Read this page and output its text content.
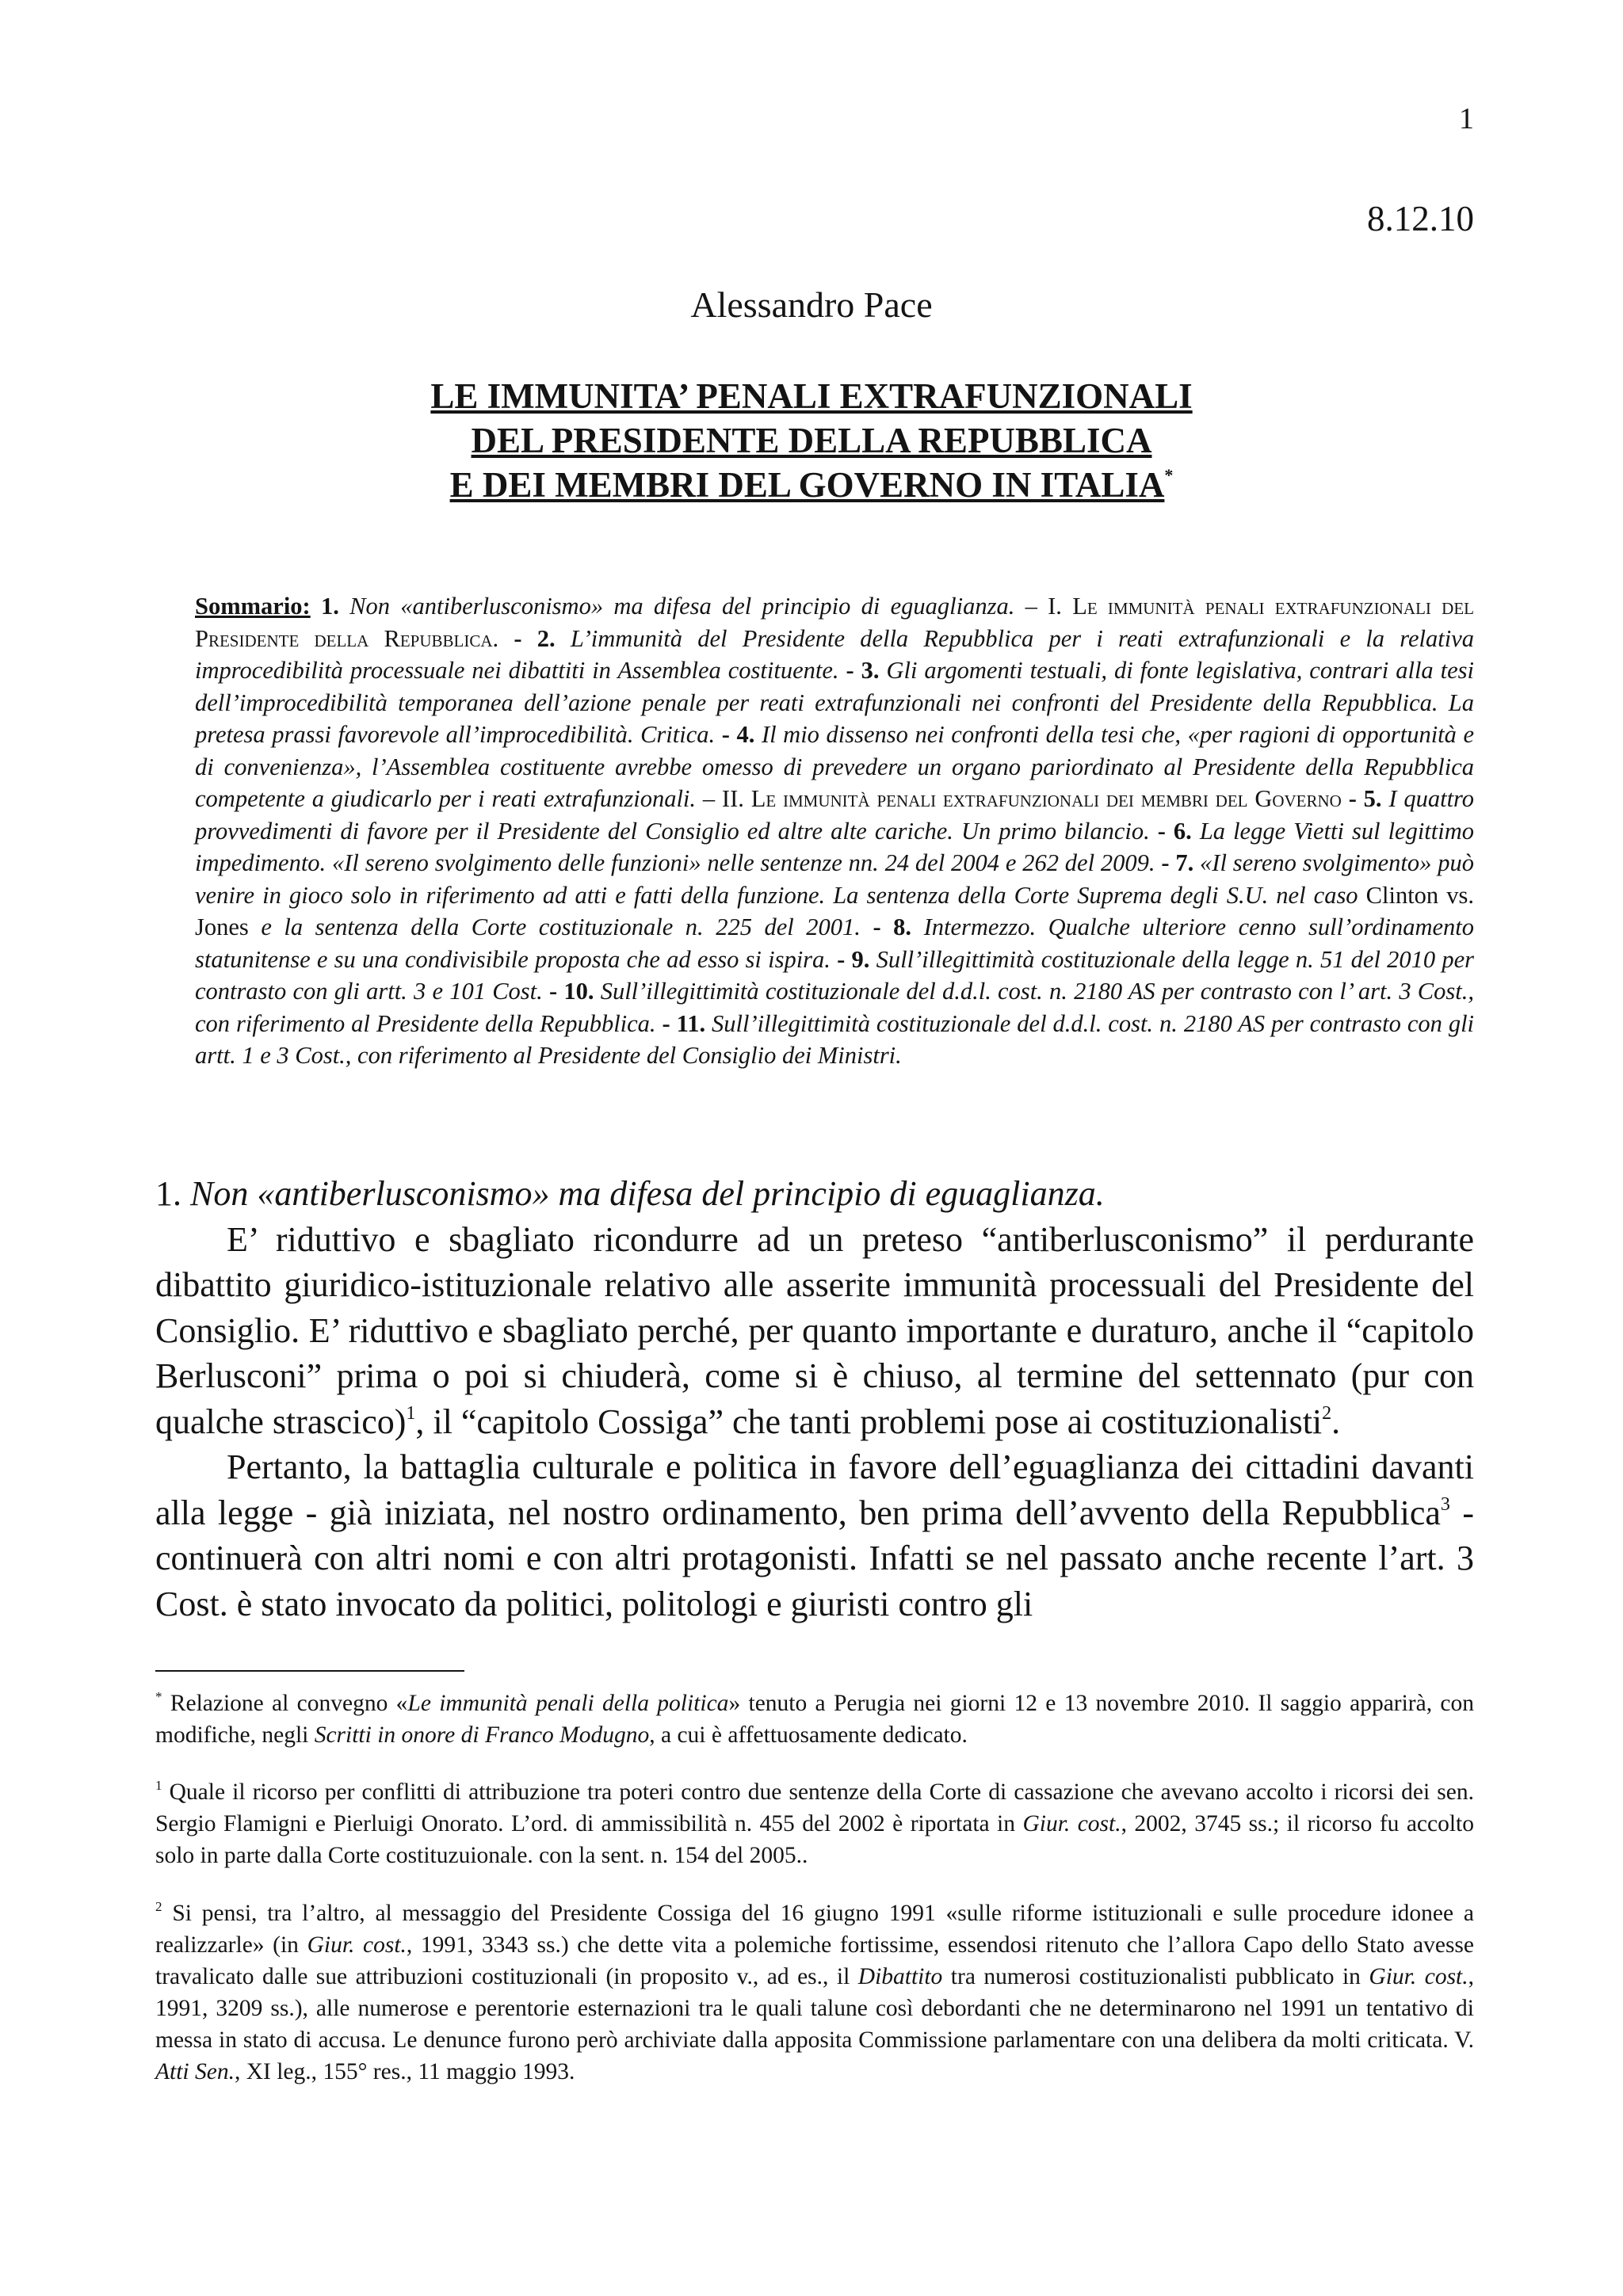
1
8.12.10
Alessandro Pace
LE IMMUNITA’ PENALI EXTRAFUNZIONALI
DEL PRESIDENTE DELLA REPUBBLICA
E DEI MEMBRI DEL GOVERNO IN ITALIA*
Sommario: 1. Non «antiberlusconismo» ma difesa del principio di eguaglianza. – I. Le immunità penali extrafunzionali del Presidente della Repubblica. - 2. L’immunità del Presidente della Repubblica per i reati extrafunzionali e la relativa improcedibilità processuale nei dibattiti in Assemblea costituente. - 3. Gli argomenti testuali, di fonte legislativa, contrari alla tesi dell’improcedibilità temporanea dell’azione penale per reati extrafunzionali nei confronti del Presidente della Repubblica. La pretesa prassi favorevole all’improcedibilità. Critica. - 4. Il mio dissenso nei confronti della tesi che, «per ragioni di opportunità e di convenienza», l’Assemblea costituente avrebbe omesso di prevedere un organo pariordinato al Presidente della Repubblica competente a giudicarlo per i reati extrafunzionali. – II. Le immunità penali extrafunzionali dei membri del Governo - 5. I quattro provvedimenti di favore per il Presidente del Consiglio ed altre alte cariche. Un primo bilancio. - 6. La legge Vietti sul legittimo impedimento. «Il sereno svolgimento delle funzioni» nelle sentenze nn. 24 del 2004 e 262 del 2009. - 7. «Il sereno svolgimento» può venire in gioco solo in riferimento ad atti e fatti della funzione. La sentenza della Corte Suprema degli S.U. nel caso Clinton vs. Jones e la sentenza della Corte costituzionale n. 225 del 2001. - 8. Intermezzo. Qualche ulteriore cenno sull’ordinamento statunitense e su una condivisibile proposta che ad esso si ispira. - 9. Sull’illegittimità costituzionale della legge n. 51 del 2010 per contrasto con gli artt. 3 e 101 Cost. - 10. Sull’illegittimità costituzionale del d.d.l. cost. n. 2180 AS per contrasto con l’ art. 3 Cost., con riferimento al Presidente della Repubblica. - 11. Sull’illegittimità costituzionale del d.d.l. cost. n. 2180 AS per contrasto con gli artt. 1 e 3 Cost., con riferimento al Presidente del Consiglio dei Ministri.

1. Non «antiberlusconismo» ma difesa del principio di eguaglianza.

E’ riduttivo e sbagliato ricondurre ad un preteso “antiberlusconismo” il perdurante dibattito giuridico-istituzionale relativo alle asserite immunità processuali del Presidente del Consiglio. E’ riduttivo e sbagliato perché, per quanto importante e duraturo, anche il “capitolo Berlusconi” prima o poi si chiuderà, come si è chiuso, al termine del settennato (pur con qualche strascico)$^1$, il “capitolo Cossiga” che tanti problemi pose ai costituzionalisti$^2$.

Pertanto, la battaglia culturale e politica in favore dell’eguaglianza dei cittadini davanti alla legge - già iniziata, nel nostro ordinamento, ben prima dell’avvento della Repubblica$^3$ - continuerà con altri nomi e con altri protagonisti. Infatti se nel passato anche recente l’art. 3 Cost. è stato invocato da politici, politologi e giuristi contro gli

* Relazione al convegno «Le immunità penali della politica» tenuto a Perugia nei giorni 12 e 13 novembre 2010. Il saggio apparirà, con modifiche, negli Scritti in onore di Franco Modugno, a cui è affettuosamente dedicato.

$^1$ Quale il ricorso per conflitti di attribuzione tra poteri contro due sentenze della Corte di cassazione che avevano accolto i ricorsi dei sen. Sergio Flamigni e Pierluigi Onorato. L’ord. di ammissibilità n. 455 del 2002 è riportata in Giur. cost., 2002, 3745 ss.; il ricorso fu accolto solo in parte dalla Corte costituzuionale. con la sent. n. 154 del 2005..

$^2$ Si pensi, tra l’altro, al messaggio del Presidente Cossiga del 16 giugno 1991 «sulle riforme istituzionali e sulle procedure idonee a realizzarle» (in Giur. cost., 1991, 3343 ss.) che dette vita a polemiche fortissime, essendosi ritenuto che l’allora Capo dello Stato avesse travalicato dalle sue attribuzioni costituzionali (in proposito v., ad es., il Dibattito tra numerosi costituzionalisti pubblicato in Giur. cost., 1991, 3209 ss.), alle numerose e perentorie esternazioni tra le quali talune così debordanti che ne determinarono nel 1991 un tentativo di messa in stato di accusa. Le denunce furono però archiviate dalla apposita Commissione parlamentare con una delibera da molti criticata. V. Atti Sen., XI leg., 155° res., 11 maggio 1993.
